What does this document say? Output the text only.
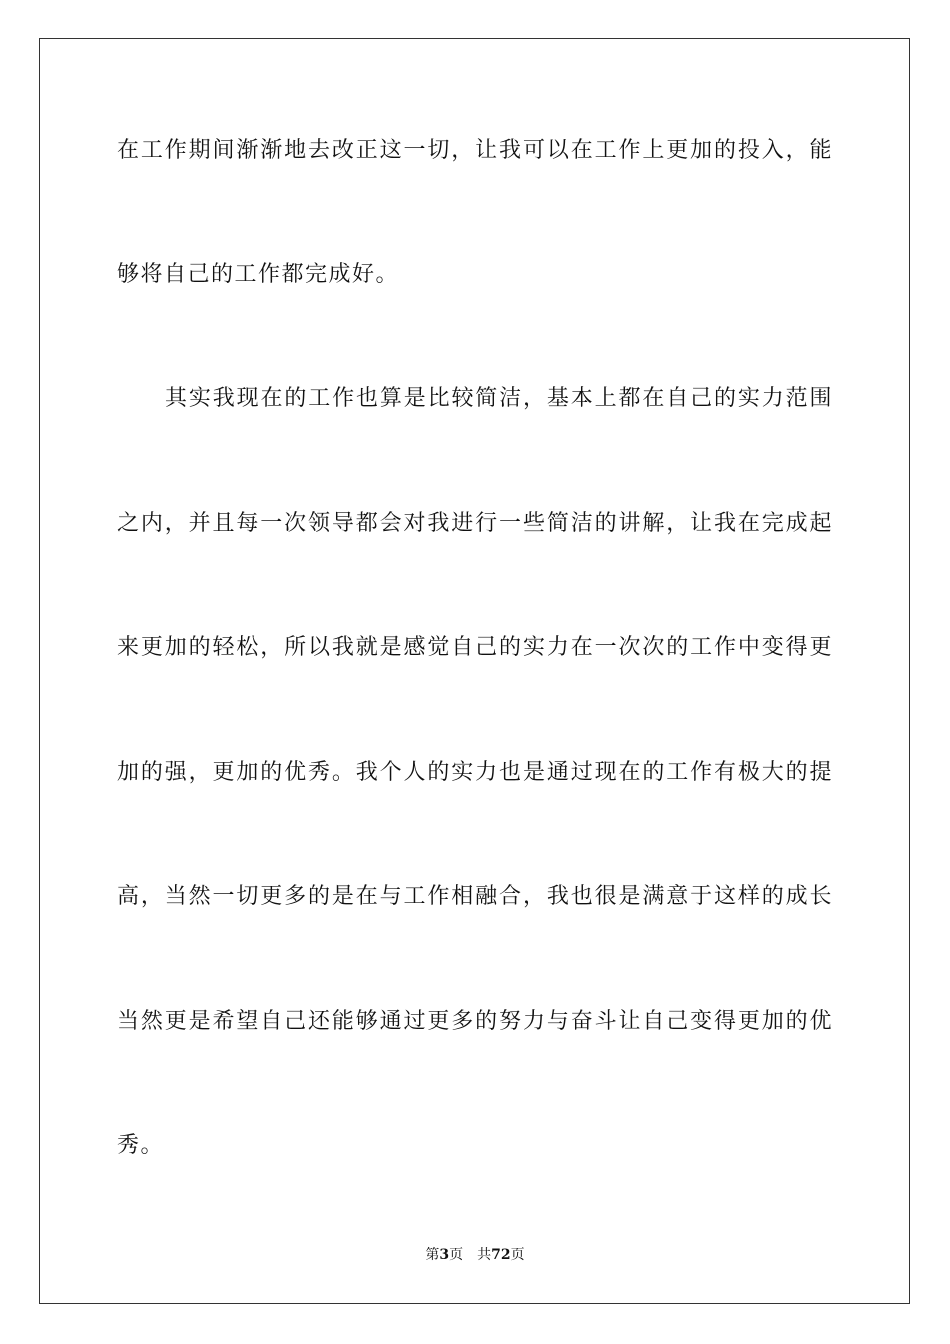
在工作期间渐渐地去改正这一切，让我可以在工作上更加的投入，能
够将自己的工作都完成好。
其实我现在的工作也算是比较简洁，基本上都在自己的实力范围
之内，并且每一次领导都会对我进行一些简洁的讲解，让我在完成起
来更加的轻松，所以我就是感觉自己的实力在一次次的工作中变得更
加的强，更加的优秀。我个人的实力也是通过现在的工作有极大的提
高，当然一切更多的是在与工作相融合，我也很是满意于这样的成长
当然更是希望自己还能够通过更多的努力与奋斗让自己变得更加的优
秀。
第3页 共72页
